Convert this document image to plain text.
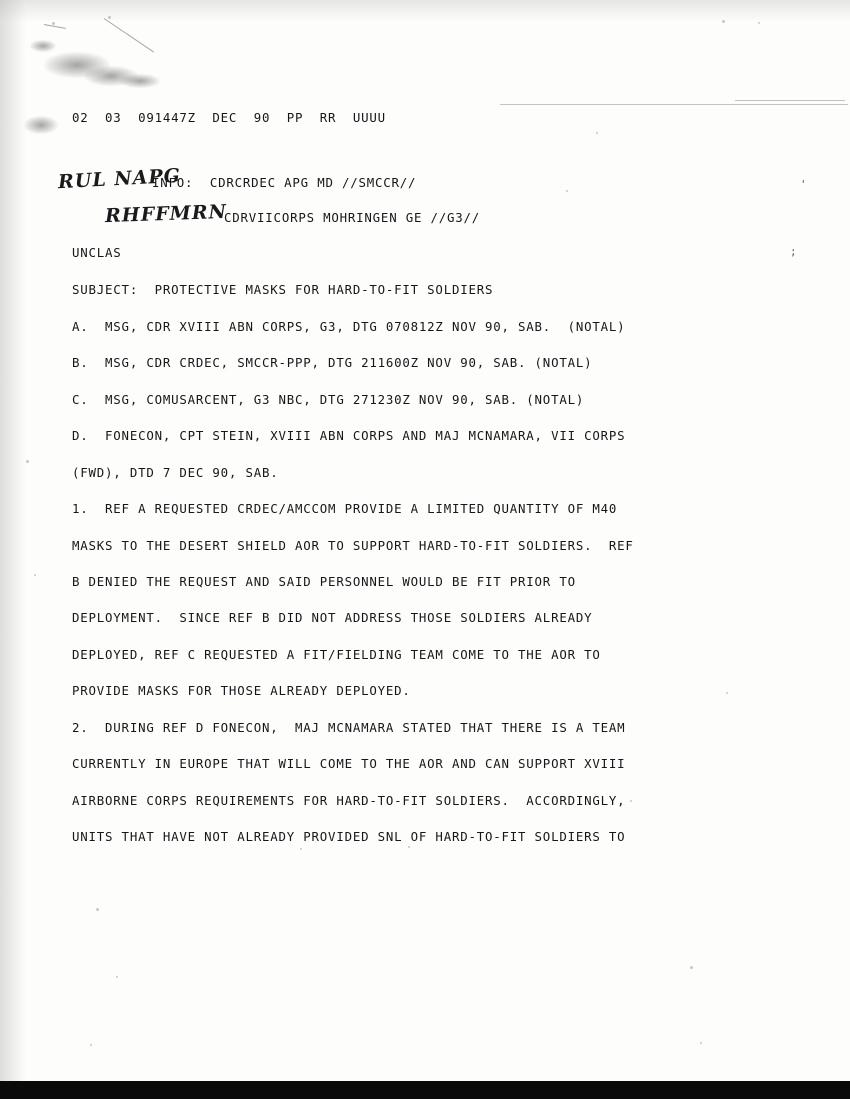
02  03  091447Z  DEC  90  PP  RR  UUUU
INFO:  CDRCRDEC APG MD //SMCCR//
CDRVIICORPS MOHRINGEN GE //G3//
UNCLAS
SUBJECT:  PROTECTIVE MASKS FOR HARD-TO-FIT SOLDIERS
A.  MSG, CDR XVIII ABN CORPS, G3, DTG 070812Z NOV 90, SAB.  (NOTAL)
B.  MSG, CDR CRDEC, SMCCR-PPP, DTG 211600Z NOV 90, SAB. (NOTAL)
C.  MSG, COMUSARCENT, G3 NBC, DTG 271230Z NOV 90, SAB. (NOTAL)
D.  FONECON, CPT STEIN, XVIII ABN CORPS AND MAJ MCNAMARA, VII CORPS
(FWD), DTD 7 DEC 90, SAB.
1.  REF A REQUESTED CRDEC/AMCCOM PROVIDE A LIMITED QUANTITY OF M40
MASKS TO THE DESERT SHIELD AOR TO SUPPORT HARD-TO-FIT SOLDIERS.  REF
B DENIED THE REQUEST AND SAID PERSONNEL WOULD BE FIT PRIOR TO
DEPLOYMENT.  SINCE REF B DID NOT ADDRESS THOSE SOLDIERS ALREADY
DEPLOYED, REF C REQUESTED A FIT/FIELDING TEAM COME TO THE AOR TO
PROVIDE MASKS FOR THOSE ALREADY DEPLOYED.
2.  DURING REF D FONECON,  MAJ MCNAMARA STATED THAT THERE IS A TEAM
CURRENTLY IN EUROPE THAT WILL COME TO THE AOR AND CAN SUPPORT XVIII
AIRBORNE CORPS REQUIREMENTS FOR HARD-TO-FIT SOLDIERS.  ACCORDINGLY,
UNITS THAT HAVE NOT ALREADY PROVIDED SNL OF HARD-TO-FIT SOLDIERS TO
RUL NAPG
RHFFMRN
;
'
